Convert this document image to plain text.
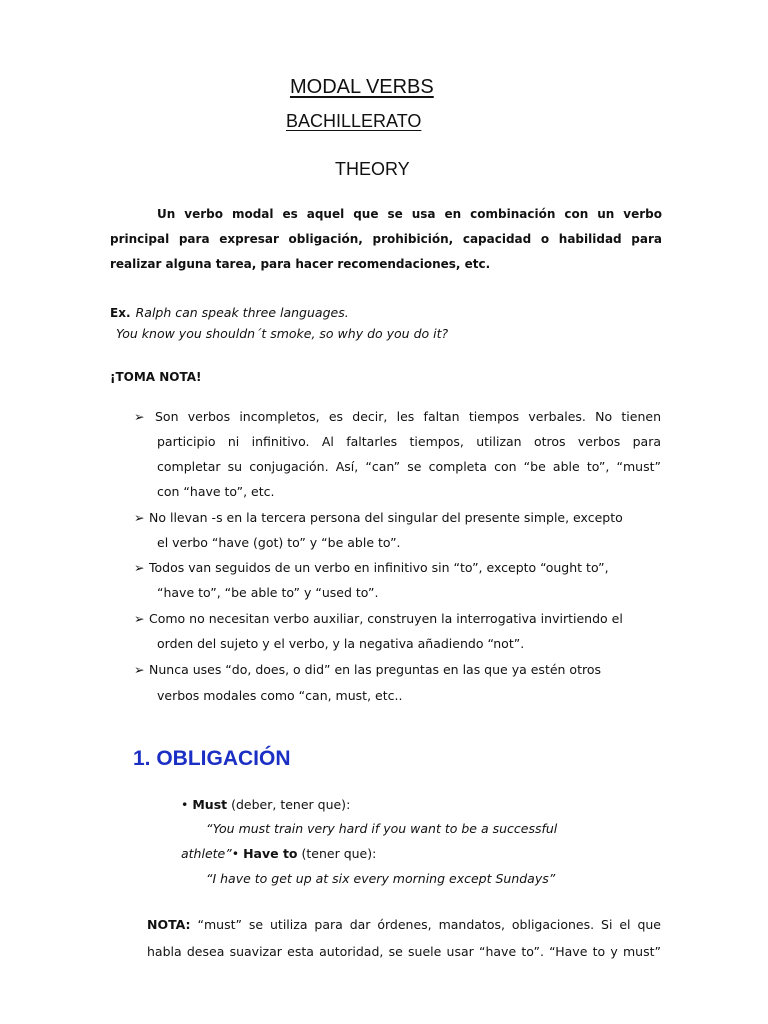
MODAL VERBS
BACHILLERATO
THEORY
Un verbo modal es aquel que se usa en combinación con un verbo
principal para expresar obligación, prohibición, capacidad o habilidad para
realizar alguna tarea, para hacer recomendaciones, etc.
Ex. Ralph can speak three languages.
You know you shouldn´t smoke, so why do you do it?
¡TOMA NOTA!
➢ Son verbos incompletos, es decir, les faltan tiempos verbales. No tienen
participio ni infinitivo. Al faltarles tiempos, utilizan otros verbos para
completar su conjugación. Así, “can” se completa con “be able to”, “must”
con “have to”, etc.
➢ No llevan -s en la tercera persona del singular del presente simple, excepto
el verbo “have (got) to” y “be able to”.
➢ Todos van seguidos de un verbo en infinitivo sin “to”, excepto “ought to”,
“have to”, “be able to” y “used to”.
➢ Como no necesitan verbo auxiliar, construyen la interrogativa invirtiendo el
orden del sujeto y el verbo, y la negativa añadiendo “not”.
➢ Nunca uses “do, does, o did” en las preguntas en las que ya estén otros
verbos modales como “can, must, etc..
1. OBLIGACIÓN
• Must (deber, tener que):
“You must train very hard if you want to be a successful
athlete”• Have to (tener que):
“I have to get up at six every morning except Sundays”
NOTA: “must” se utiliza para dar órdenes, mandatos, obligaciones. Si el que
habla desea suavizar esta autoridad, se suele usar “have to”. “Have to y must”
